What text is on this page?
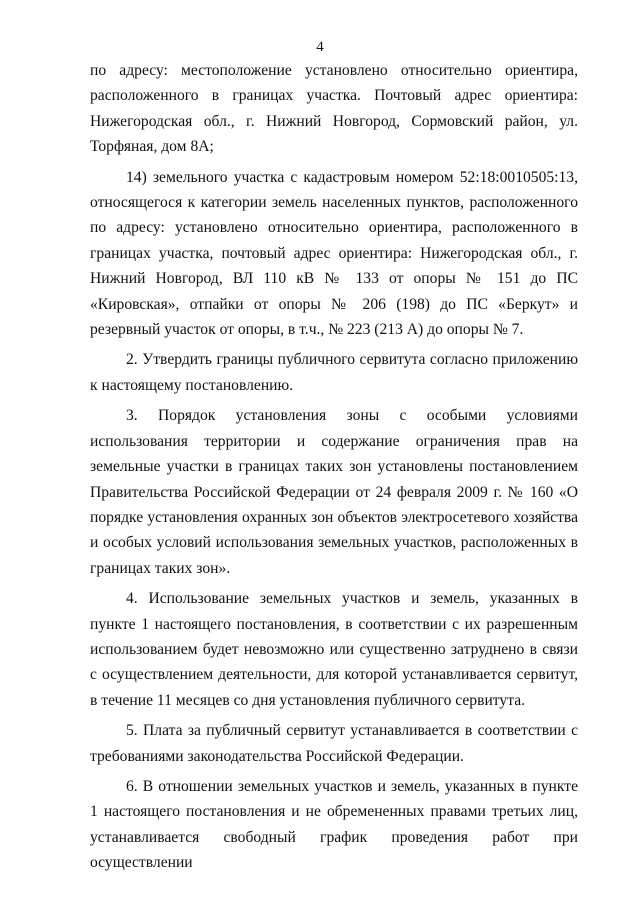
4

по адресу: местоположение установлено относительно ориентира, расположенного в границах участка. Почтовый адрес ориентира: Нижегородская обл., г. Нижний Новгород, Сормовский район, ул. Торфяная, дом 8А;

14) земельного участка с кадастровым номером 52:18:0010505:13, относящегося к категории земель населенных пунктов, расположенного по адресу: установлено относительно ориентира, расположенного в границах участка, почтовый адрес ориентира: Нижегородская обл., г. Нижний Новгород, ВЛ 110 кВ № 133 от опоры № 151 до ПС «Кировская», отпайки от опоры № 206 (198) до ПС «Беркут» и резервный участок от опоры, в т.ч., № 223 (213 А) до опоры № 7.

2. Утвердить границы публичного сервитута согласно приложению к настоящему постановлению.

3. Порядок установления зоны с особыми условиями использования территории и содержание ограничения прав на земельные участки в границах таких зон установлены постановлением Правительства Российской Федерации от 24 февраля 2009 г. № 160 «О порядке установления охранных зон объектов электросетевого хозяйства и особых условий использования земельных участков, расположенных в границах таких зон».

4. Использование земельных участков и земель, указанных в пункте 1 настоящего постановления, в соответствии с их разрешенным использованием будет невозможно или существенно затруднено в связи с осуществлением деятельности, для которой устанавливается сервитут, в течение 11 месяцев со дня установления публичного сервитута.

5. Плата за публичный сервитут устанавливается в соответствии с требованиями законодательства Российской Федерации.

6. В отношении земельных участков и земель, указанных в пункте 1 настоящего постановления и не обремененных правами третьих лиц, устанавливается свободный график проведения работ при осуществлении
